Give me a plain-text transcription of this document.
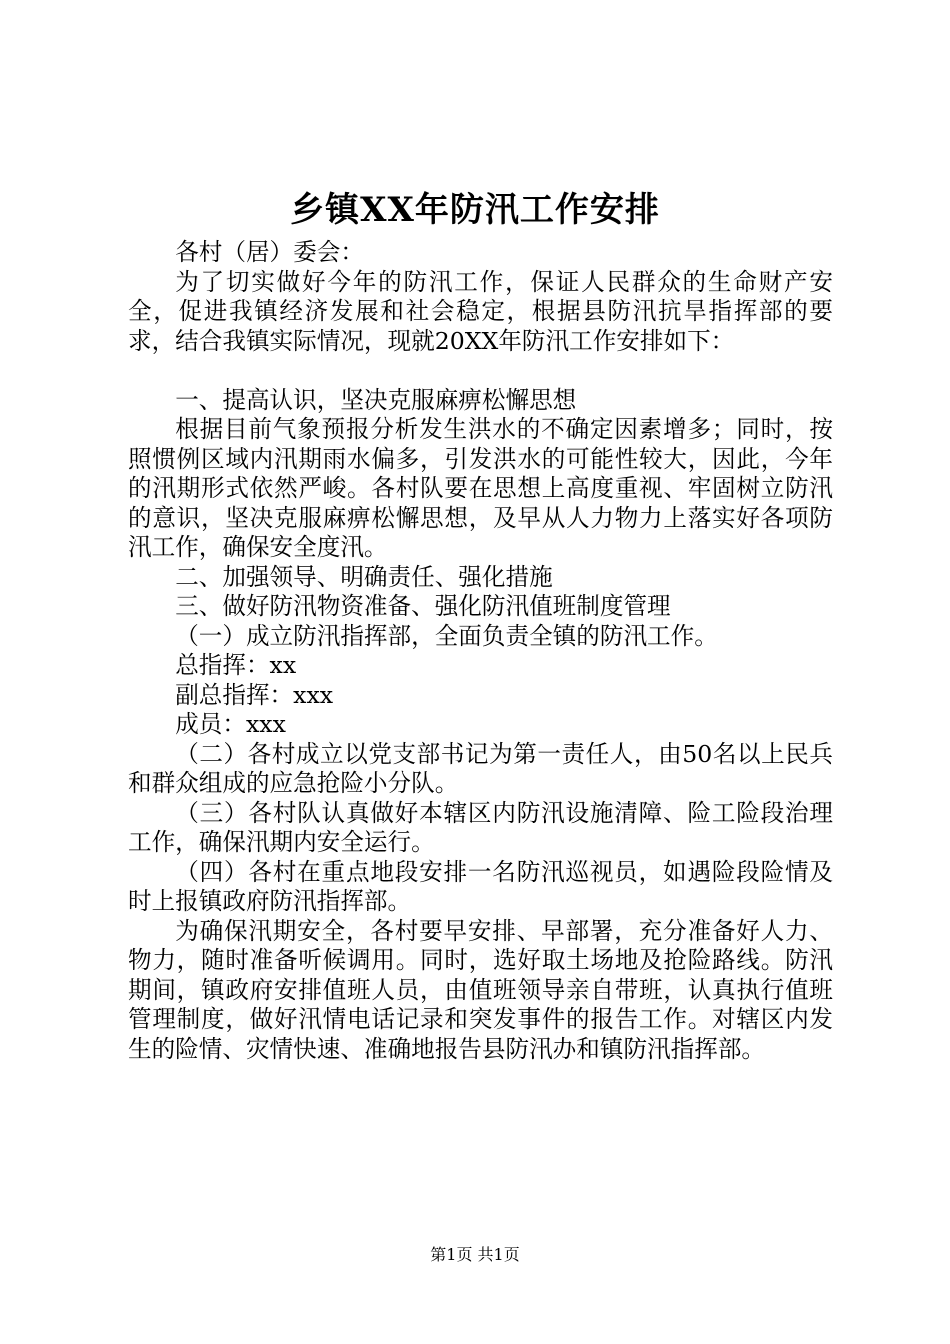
乡镇XX年防汛工作安排

各村（居）委会：

为了切实做好今年的防汛工作，保证人民群众的生命财产安全，促进我镇经济发展和社会稳定，根据县防汛抗旱指挥部的要求，结合我镇实际情况，现就20XX年防汛工作安排如下：

一、提高认识，坚决克服麻痹松懈思想

根据目前气象预报分析发生洪水的不确定因素增多；同时，按照惯例区域内汛期雨水偏多，引发洪水的可能性较大，因此，今年的汛期形式依然严峻。各村队要在思想上高度重视、牢固树立防汛的意识，坚决克服麻痹松懈思想，及早从人力物力上落实好各项防汛工作，确保安全度汛。

二、加强领导、明确责任、强化措施

三、做好防汛物资准备、强化防汛值班制度管理

（一）成立防汛指挥部，全面负责全镇的防汛工作。

总指挥：xx

副总指挥：xxx

成员：xxx

（二）各村成立以党支部书记为第一责任人，由50名以上民兵和群众组成的应急抢险小分队。

（三）各村队认真做好本辖区内防汛设施清障、险工险段治理工作，确保汛期内安全运行。

（四）各村在重点地段安排一名防汛巡视员，如遇险段险情及时上报镇政府防汛指挥部。

为确保汛期安全，各村要早安排、早部署，充分准备好人力、物力，随时准备听候调用。同时，选好取土场地及抢险路线。防汛期间，镇政府安排值班人员，由值班领导亲自带班，认真执行值班管理制度，做好汛情电话记录和突发事件的报告工作。对辖区内发生的险情、灾情快速、准确地报告县防汛办和镇防汛指挥部。

第1页 共1页
